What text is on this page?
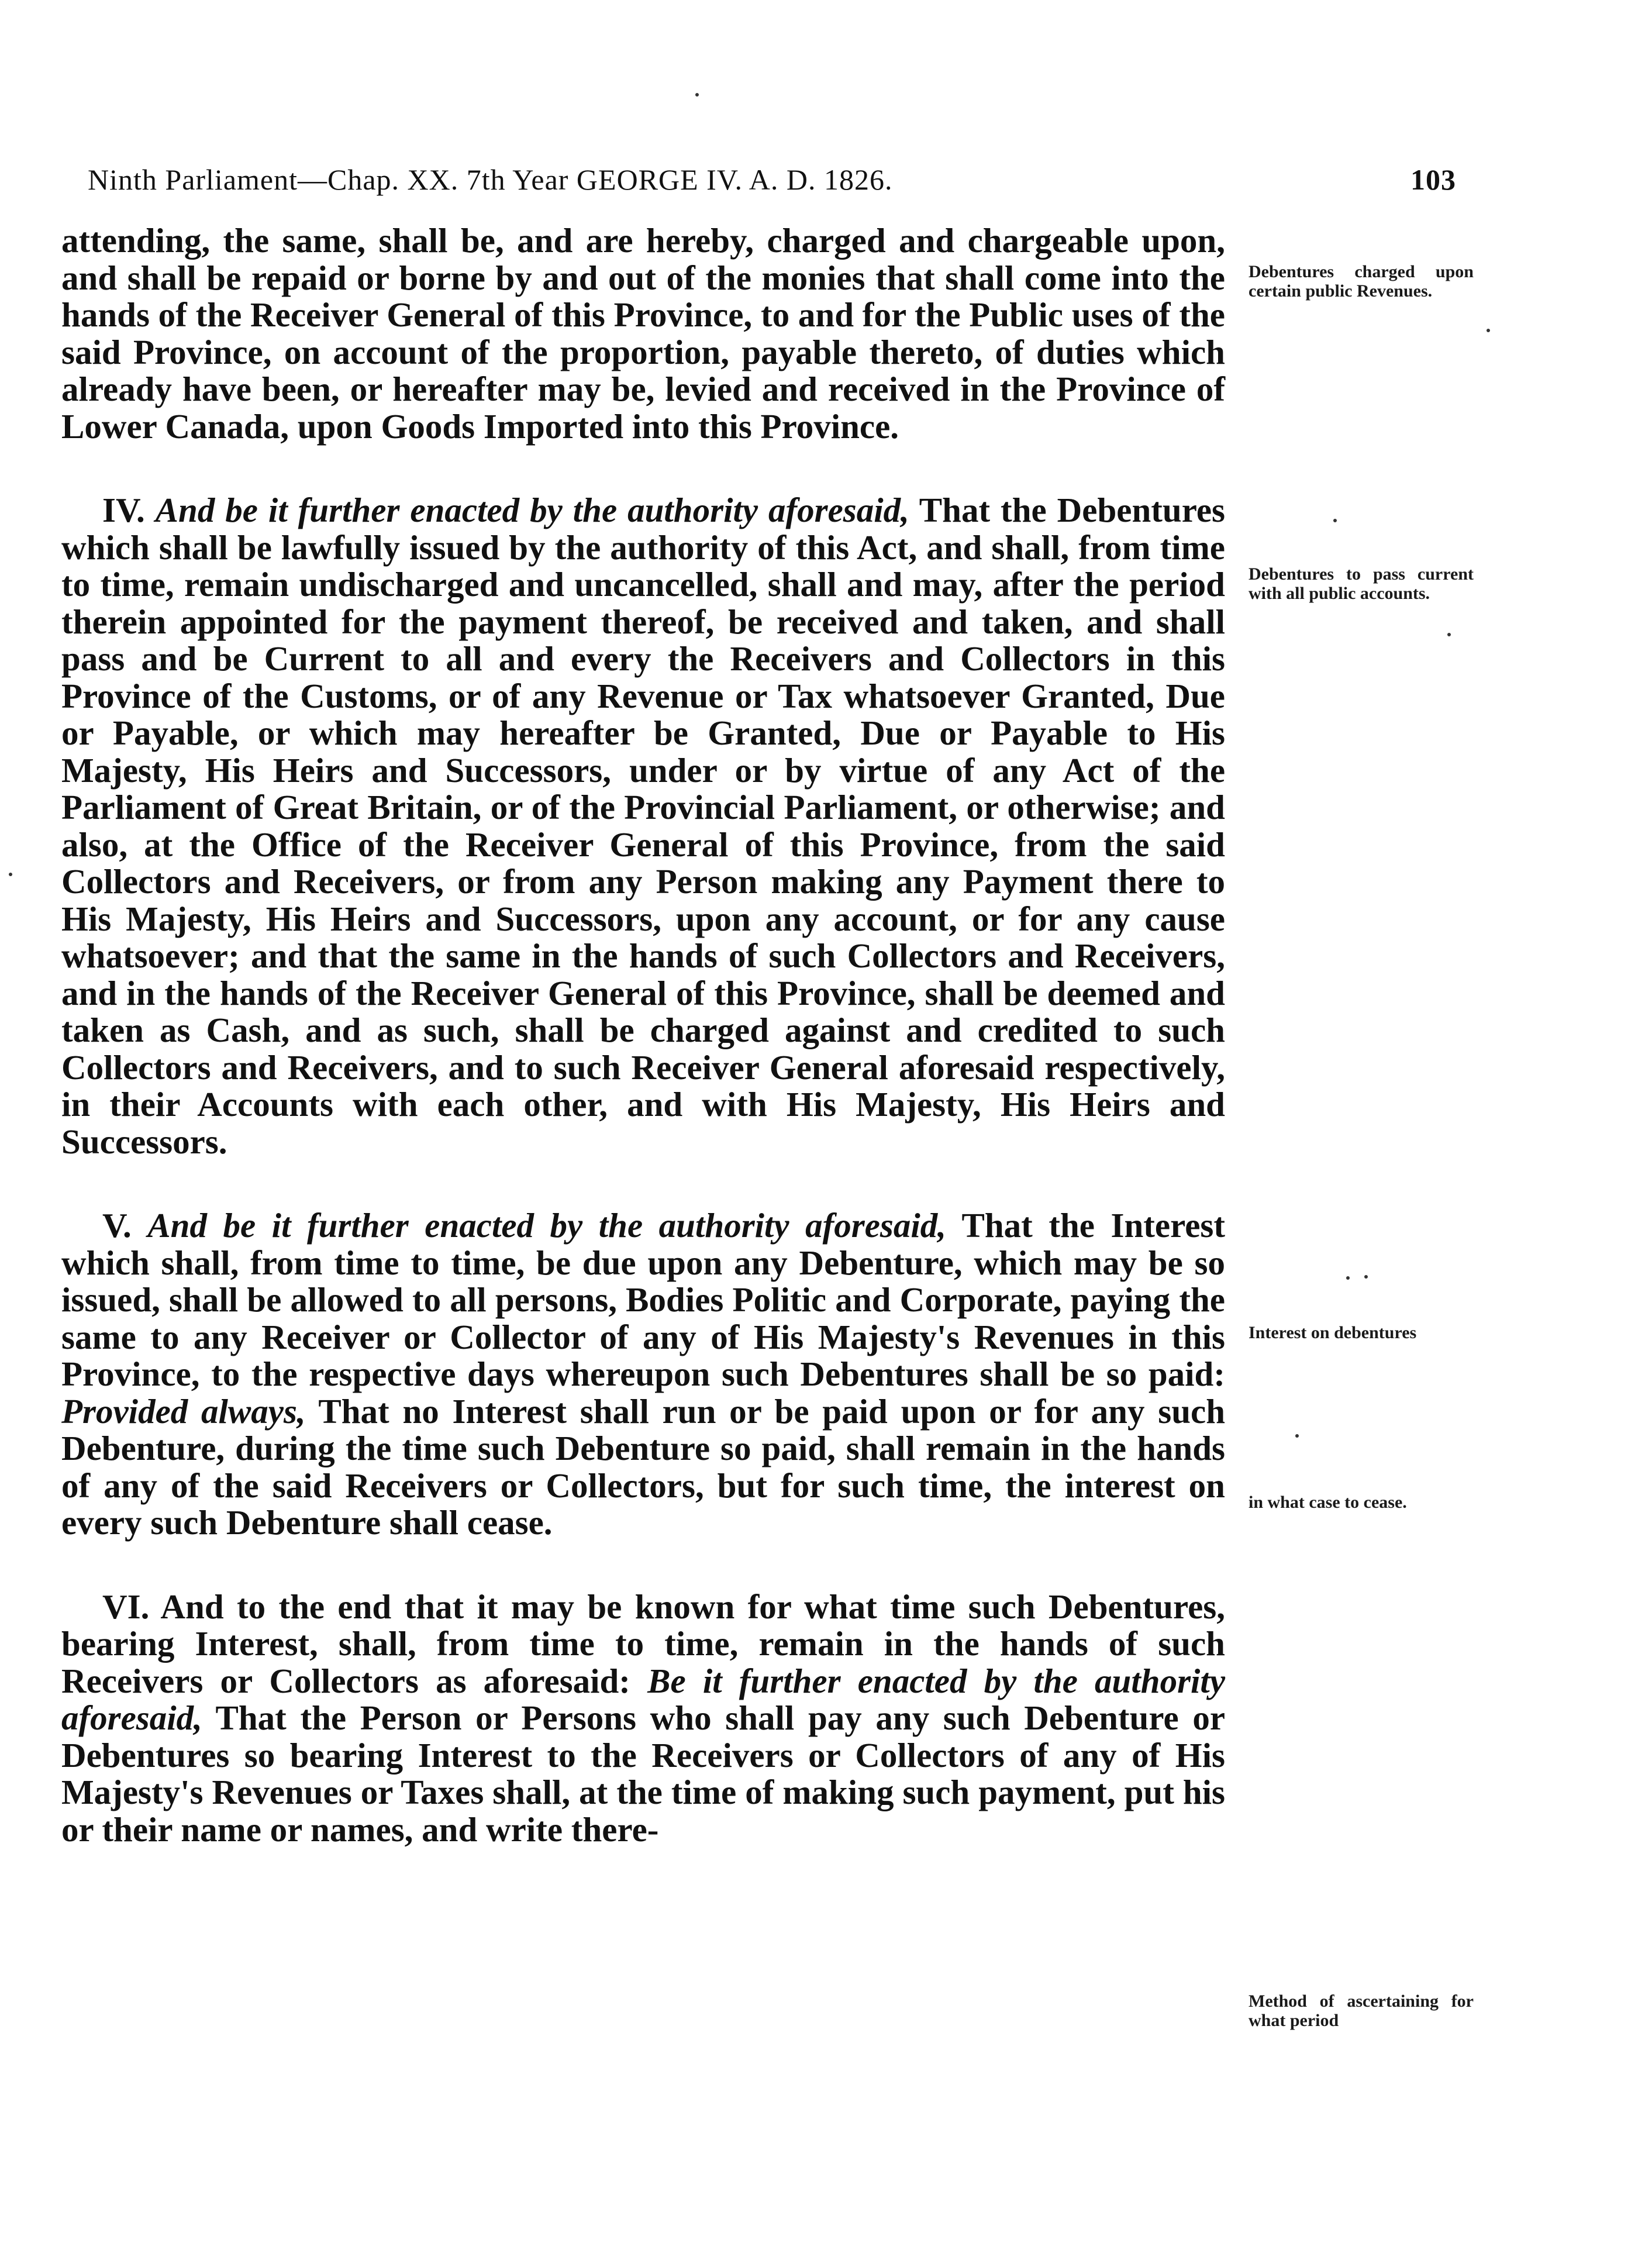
Ninth Parliament—Chap. XX. 7th Year GEORGE IV. A. D. 1826.	103

attending, the same, shall be, and are hereby, charged and chargeable upon, and shall be repaid or borne by and out of the monies that shall come into the hands of the Receiver General of this Province, to and for the Public uses of the said Province, on account of the proportion, payable thereto, of duties which already have been, or hereafter may be, levied and received in the Province of Lower Canada, upon Goods Imported into this Province.

IV. And be it further enacted by the authority aforesaid, That the Debentures which shall be lawfully issued by the authority of this Act, and shall, from time to time, remain undischarged and uncancelled, shall and may, after the period therein appointed for the payment thereof, be received and taken, and shall pass and be Current to all and every the Receivers and Collectors in this Province of the Customs, or of any Revenue or Tax whatsoever Granted, Due or Payable, or which may hereafter be Granted, Due or Payable to His Majesty, His Heirs and Successors, under or by virtue of any Act of the Parliament of Great Britain, or of the Provincial Parliament, or otherwise; and also, at the Office of the Receiver General of this Province, from the said Collectors and Receivers, or from any Person making any Payment there to His Majesty, His Heirs and Successors, upon any account, or for any cause whatsoever; and that the same in the hands of such Collectors and Receivers, and in the hands of the Receiver General of this Province, shall be deemed and taken as Cash, and as such, shall be charged against and credited to such Collectors and Receivers, and to such Receiver General aforesaid respectively, in their Accounts with each other, and with His Majesty, His Heirs and Successors.

V. And be it further enacted by the authority aforesaid, That the Interest which shall, from time to time, be due upon any Debenture, which may be so issued, shall be allowed to all persons, Bodies Politic and Corporate, paying the same to any Receiver or Collector of any of His Majesty's Revenues in this Province, to the respective days whereupon such Debentures shall be so paid: Provided always, That no Interest shall run or be paid upon or for any such Debenture, during the time such Debenture so paid, shall remain in the hands of any of the said Receivers or Collectors, but for such time, the interest on every such Debenture shall cease.

VI. And to the end that it may be known for what time such Debentures, bearing Interest, shall, from time to time, remain in the hands of such Receivers or Collectors as aforesaid: Be it further enacted by the authority aforesaid, That the Person or Persons who shall pay any such Debenture or Debentures so bearing Interest to the Receivers or Collectors of any of His Majesty's Revenues or Taxes shall, at the time of making such payment, put his or their name or names, and write there-

Debentures charged upon certain public Revenues.
Debentures to pass current with all public accounts.
Interest on debentures
in what case to cease.
Method of ascertaining for what period
